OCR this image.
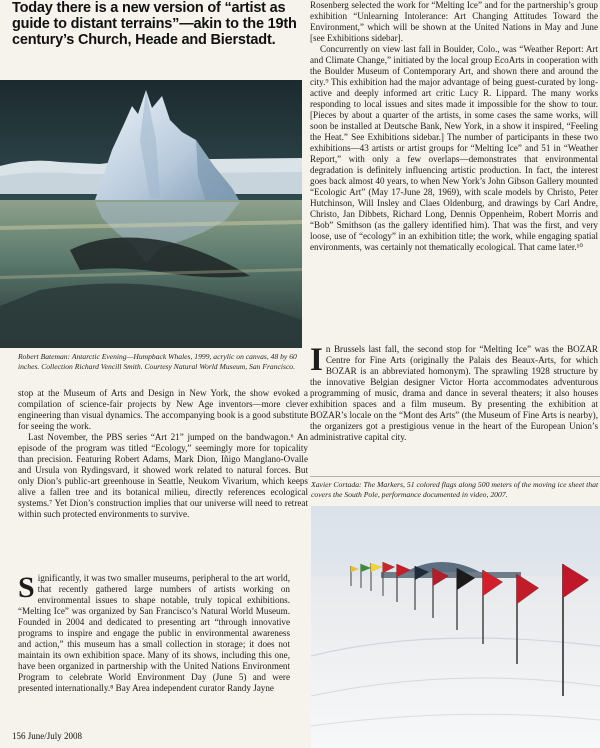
Today there is a new version of “artist as guide to distant terrains”—akin to the 19th century’s Church, Heade and Bierstadt.
Robert Bateman: Antarctic Evening—Humpback Whales, 1999, acrylic on canvas, 48 by 60 inches. Collection Richard Vencill Smith. Courtesy Natural World Museum, San Francisco.

Rosenberg selected the work for “Melting Ice” and for the partnership’s group exhibition “Unlearning Intolerance: Art Changing Attitudes Toward the Environment,” which will be shown at the United Nations in May and June [see Exhibitions sidebar].

Concurrently on view last fall in Boulder, Colo., was “Weather Report: Art and Climate Change,” initiated by the local group EcoArts in cooperation with the Boulder Museum of Contemporary Art, and shown there and around the city.⁹ This exhibition had the major advantage of being guest-curated by long-active and deeply informed art critic Lucy R. Lippard. The many works responding to local issues and sites made it impossible for the show to tour. [Pieces by about a quarter of the artists, in some cases the same works, will soon be installed at Deutsche Bank, New York, in a show it inspired, “Feeling the Heat.” See Exhibitions sidebar.] The number of participants in these two exhibitions—43 artists or artist groups for “Melting Ice” and 51 in “Weather Report,” with only a few overlaps—demonstrates that environmental degradation is definitely influencing artistic production. In fact, the interest goes back almost 40 years, to when New York’s John Gibson Gallery mounted “Ecologic Art” (May 17-June 28, 1969), with scale models by Christo, Peter Hutchinson, Will Insley and Claes Oldenburg, and drawings by Carl Andre, Christo, Jan Dibbets, Richard Long, Dennis Oppenheim, Robert Morris and “Bob” Smithson (as the gallery identified him). That was the first, and very loose, use of “ecology” in an exhibition title; the work, while engaging spatial environments, was certainly not thematically ecological. That came later.¹⁰

In Brussels last fall, the second stop for “Melting Ice” was the BOZAR Centre for Fine Arts (originally the Palais des Beaux-Arts, for which BOZAR is an abbreviated homonym). The sprawling 1928 structure by the innovative Belgian designer Victor Horta accommodates adventurous programming of music, drama and dance in several theaters; it also houses exhibition spaces and a film museum. By presenting the exhibition at BOZAR’s locale on the “Mont des Arts” (the Museum of Fine Arts is nearby), the organizers got a prestigious venue in the heart of the European Union’s administrative capital city.

stop at the Museum of Arts and Design in New York, the show evoked a compilation of science-fair projects by New Age inventors—more clever engineering than visual dynamics. The accompanying book is a good substitute for seeing the work.

Last November, the PBS series “Art 21” jumped on the bandwagon.⁶ An episode of the program was titled “Ecology,” seemingly more for topicality than precision. Featuring Robert Adams, Mark Dion, Iñigo Manglano-Ovalle and Ursula von Rydingsvard, it showed work related to natural forces. But only Dion’s public-art greenhouse in Seattle, Neukom Vivarium, which keeps alive a fallen tree and its botanical milieu, directly references ecological systems.⁷ Yet Dion’s construction implies that our universe will need to retreat within such protected environments to survive.

Significantly, it was two smaller museums, peripheral to the art world, that recently gathered large numbers of artists working on environmental issues to shape notable, truly topical exhibitions. “Melting Ice” was organized by San Francisco’s Natural World Museum. Founded in 2004 and dedicated to presenting art “through innovative programs to inspire and engage the public in environmental awareness and action,” this museum has a small collection in storage; it does not maintain its own exhibition space. Many of its shows, including this one, have been organized in partnership with the United Nations Environment Program to celebrate World Environment Day (June 5) and were presented internationally.⁸ Bay Area independent curator Randy Jayne

Xavier Cortada: The Markers, 51 colored flags along 500 meters of the moving ice sheet that covers the South Pole, performance documented in video, 2007.
156 June/July 2008
